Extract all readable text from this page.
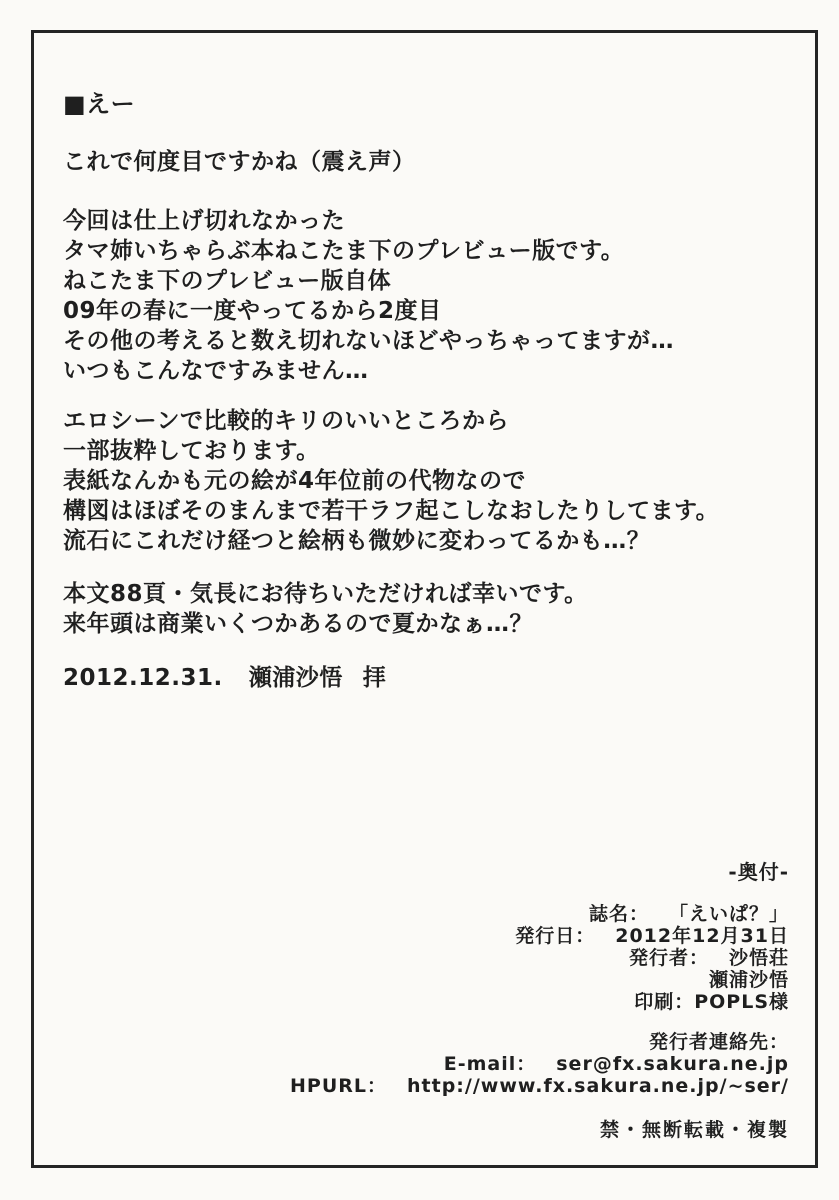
■えー

これで何度目ですかね（震え声）

今回は仕上げ切れなかった
タマ姉いちゃらぶ本ねこたま下のプレビュー版です。
ねこたま下のプレビュー版自体
09年の春に一度やってるから2度目
その他の考えると数え切れないほどやっちゃってますが…
いつもこんなですみません…

エロシーンで比較的キリのいいところから
一部抜粋しております。
表紙なんかも元の絵が4年位前の代物なので
構図はほぼそのまんまで若干ラフ起こしなおしたりしてます。
流石にこれだけ経つと絵柄も微妙に変わってるかも…？

本文88頁・気長にお待ちいただければ幸いです。
来年頭は商業いくつかあるので夏かなぁ…？

2012.12.31. 瀬浦沙悟 拝
-奥付-
誌名： 「えいぱ？」
発行日： 2012年12月31日
発行者： 沙悟荘
瀬浦沙悟
印刷： POPLS様
発行者連絡先：
E-mail： ser@fx.sakura.ne.jp
HPURL： http://www.fx.sakura.ne.jp/~ser/
禁・無断転載・複製
